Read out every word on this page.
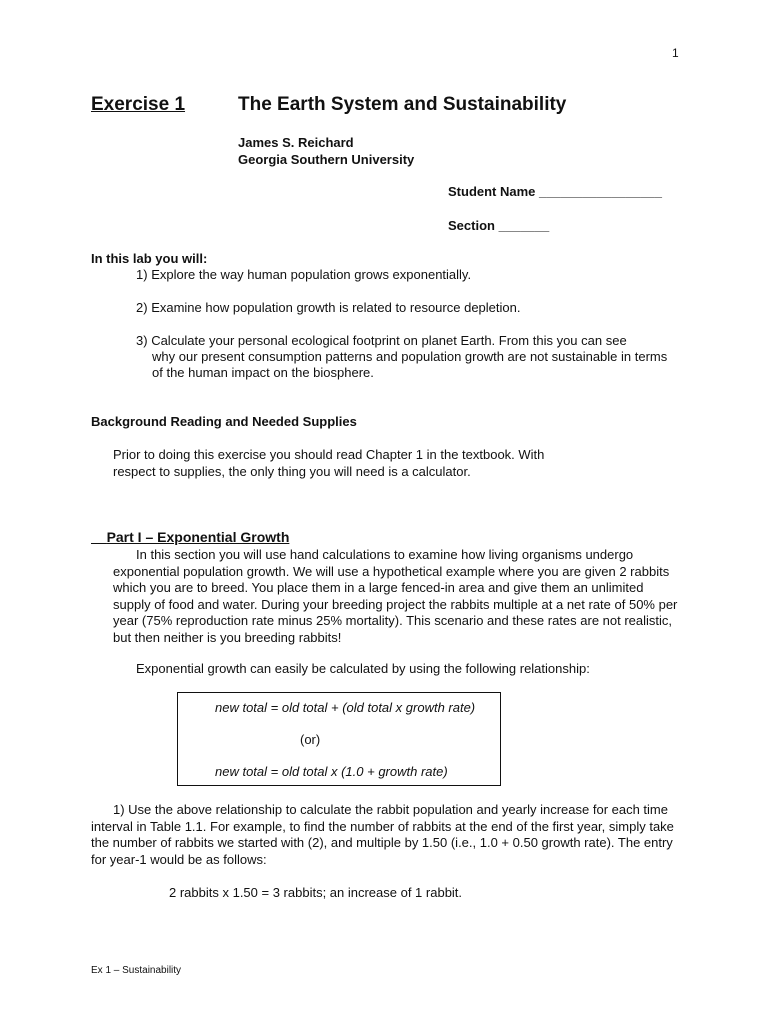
1
Exercise 1	The Earth System and Sustainability
James S. Reichard
Georgia Southern University
Student Name _________________
Section _______
In this lab you will:
1) Explore the way human population grows exponentially.
2) Examine how population growth is related to resource depletion.
3) Calculate your personal ecological footprint on planet Earth. From this you can see
why our present consumption patterns and population growth are not sustainable in terms of the human impact on the biosphere.
Background Reading and Needed Supplies
Prior to doing this exercise you should read Chapter 1 in the textbook. With respect to supplies, the only thing you will need is a calculator.
Part I – Exponential Growth

In this section you will use hand calculations to examine how living organisms undergo exponential population growth. We will use a hypothetical example where you are given 2 rabbits which you are to breed. You place them in a large fenced-in area and give them an unlimited supply of food and water. During your breeding project the rabbits multiple at a net rate of 50% per year (75% reproduction rate minus 25% mortality). This scenario and these rates are not realistic, but then neither is you breeding rabbits!

Exponential growth can easily be calculated by using the following relationship:
new total = old total + (old total x growth rate)
(or)
new total = old total x (1.0 + growth rate)

1) Use the above relationship to calculate the rabbit population and yearly increase for each time interval in Table 1.1. For example, to find the number of rabbits at the end of the first year, simply take the number of rabbits we started with (2), and multiple by 1.50 (i.e., 1.0 + 0.50 growth rate). The entry for year-1 would be as follows:

2 rabbits x 1.50 = 3 rabbits; an increase of 1 rabbit.
Ex 1 – Sustainability
